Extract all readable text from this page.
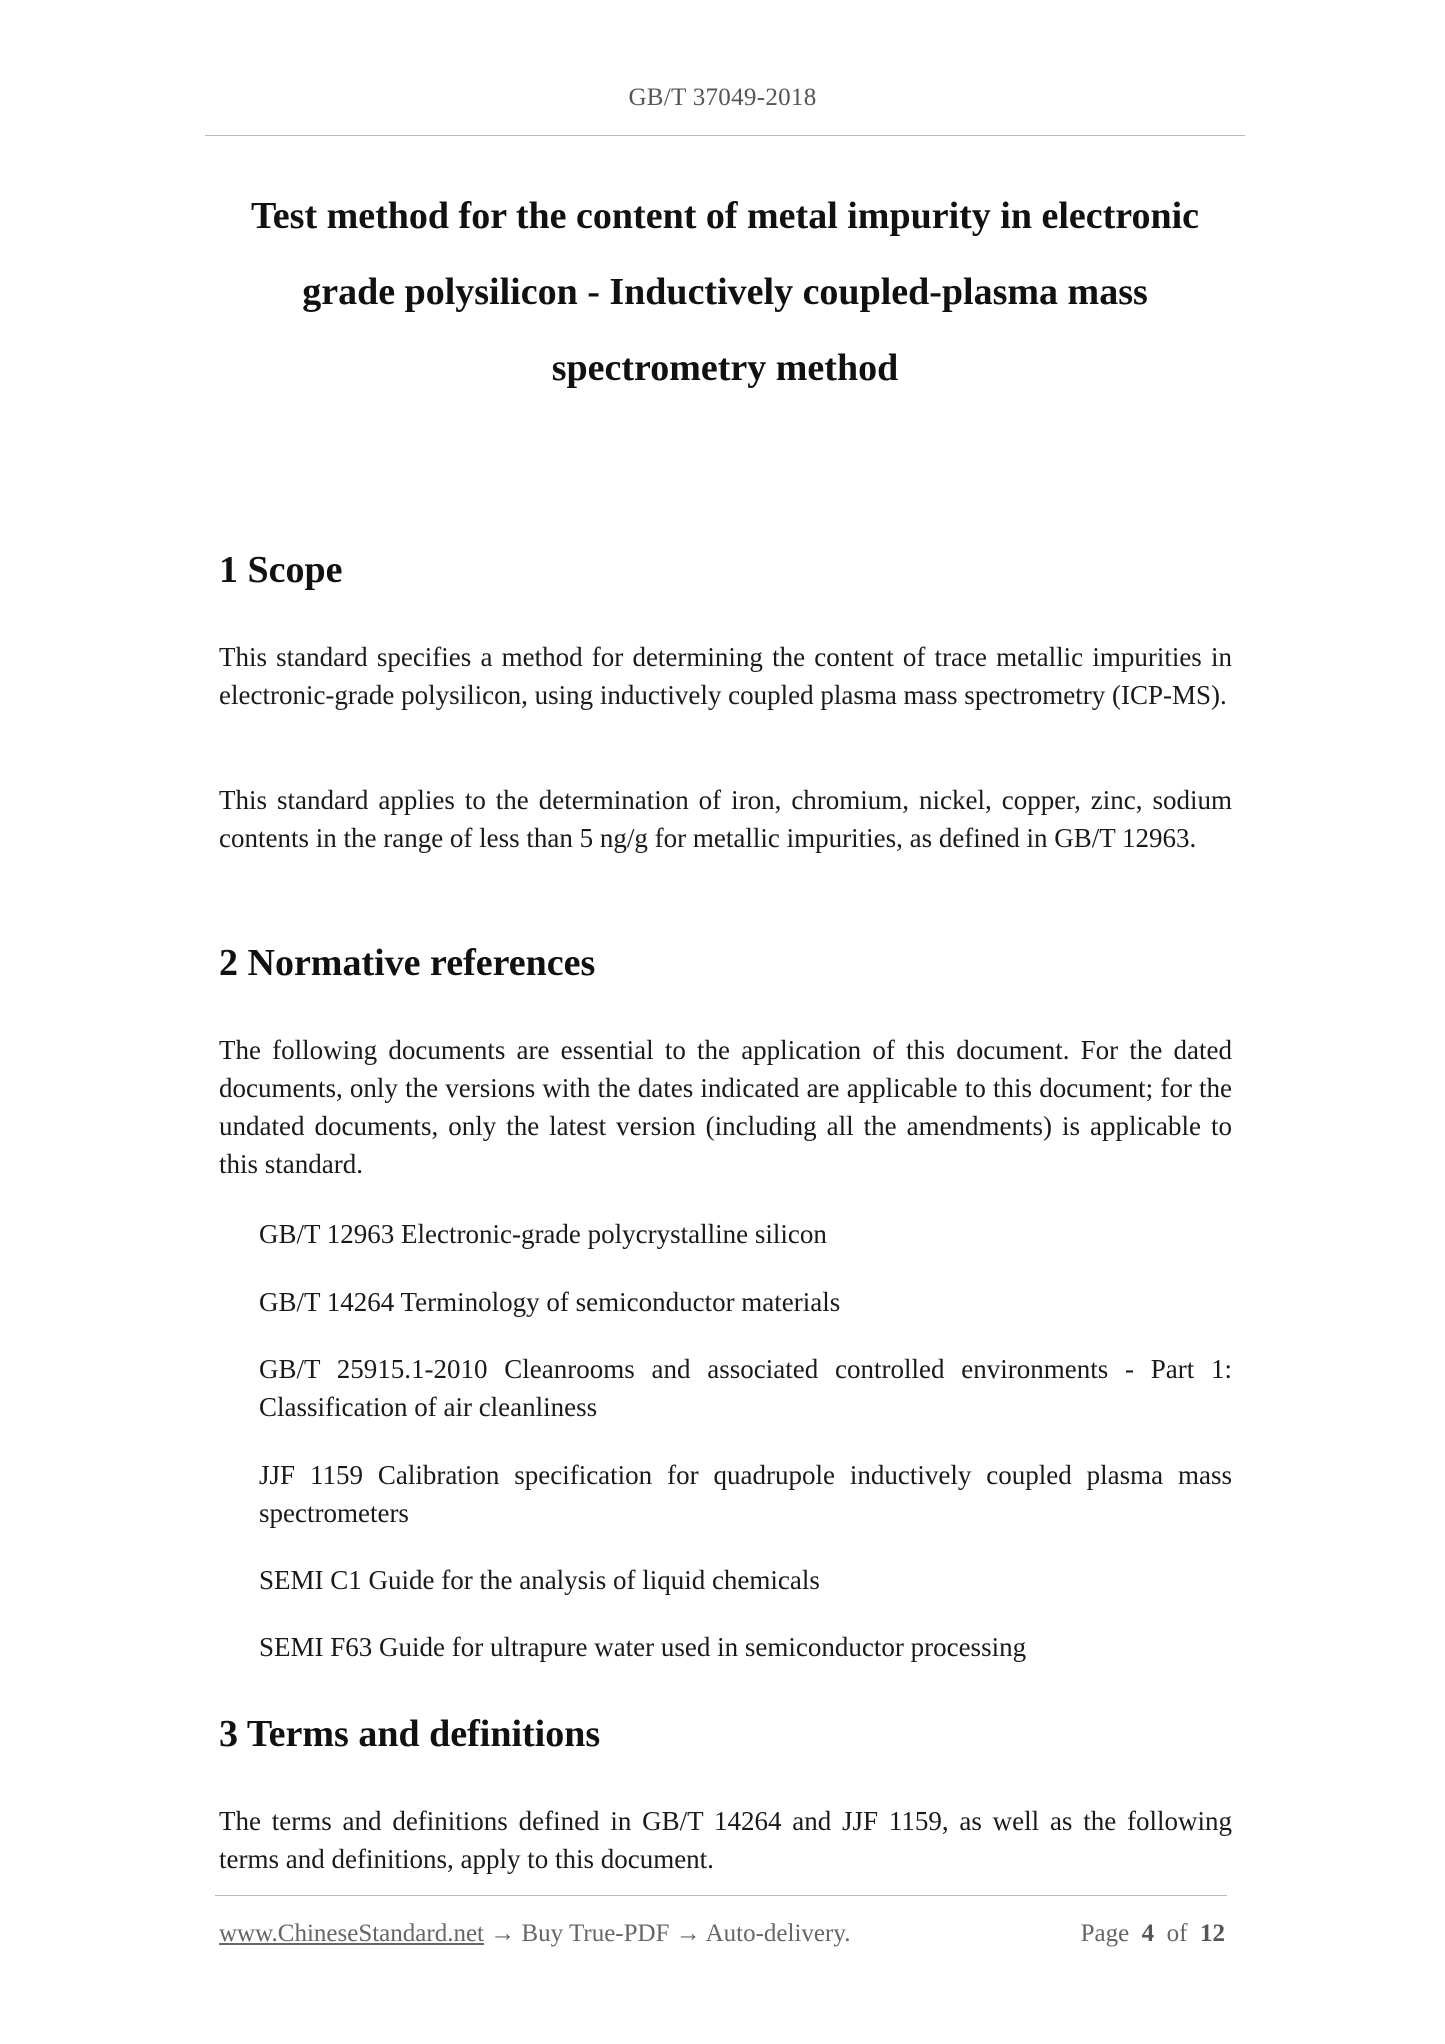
GB/T 37049-2018
Test method for the content of metal impurity in electronic grade polysilicon - Inductively coupled-plasma mass spectrometry method
1 Scope

This standard specifies a method for determining the content of trace metallic impurities in electronic-grade polysilicon, using inductively coupled plasma mass spectrometry (ICP-MS).

This standard applies to the determination of iron, chromium, nickel, copper, zinc, sodium contents in the range of less than 5 ng/g for metallic impurities, as defined in GB/T 12963.

2 Normative references

The following documents are essential to the application of this document. For the dated documents, only the versions with the dates indicated are applicable to this document; for the undated documents, only the latest version (including all the amendments) is applicable to this standard.

GB/T 12963 Electronic-grade polycrystalline silicon
GB/T 14264 Terminology of semiconductor materials
GB/T 25915.1-2010 Cleanrooms and associated controlled environments - Part 1: Classification of air cleanliness
JJF 1159 Calibration specification for quadrupole inductively coupled plasma mass spectrometers
SEMI C1 Guide for the analysis of liquid chemicals
SEMI F63 Guide for ultrapure water used in semiconductor processing
3 Terms and definitions

The terms and definitions defined in GB/T 14264 and JJF 1159, as well as the following terms and definitions, apply to this document.

www.ChineseStandard.net → Buy True-PDF → Auto-delivery.	Page 4 of 12
